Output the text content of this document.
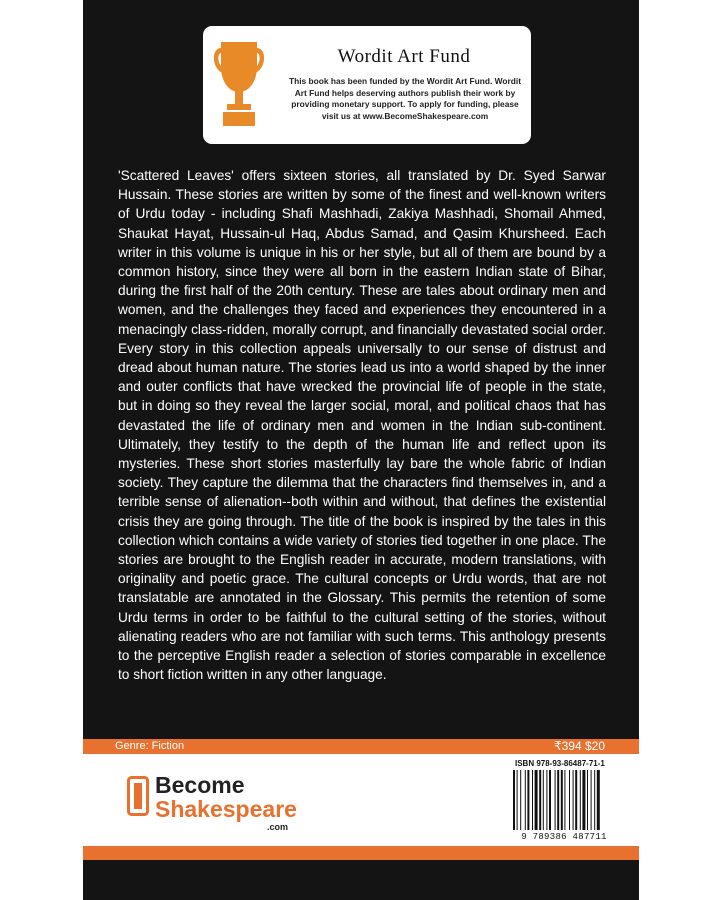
Wordit Art Fund
This book has been funded by the Wordit Art Fund. Wordit Art Fund helps deserving authors publish their work by providing monetary support. To apply for funding, please visit us at www.BecomeShakespeare.com

'Scattered Leaves' offers sixteen stories, all translated by Dr. Syed Sarwar Hussain. These stories are written by some of the finest and well-known writers of Urdu today - including Shafi Mashhadi, Zakiya Mashhadi, Shomail Ahmed, Shaukat Hayat, Hussain-ul Haq, Abdus Samad, and Qasim Khursheed. Each writer in this volume is unique in his or her style, but all of them are bound by a common history, since they were all born in the eastern Indian state of Bihar, during the first half of the 20th century. These are tales about ordinary men and women, and the challenges they faced and experiences they encountered in a menacingly class-ridden, morally corrupt, and financially devastated social order. Every story in this collection appeals universally to our sense of distrust and dread about human nature. The stories lead us into a world shaped by the inner and outer conflicts that have wrecked the provincial life of people in the state, but in doing so they reveal the larger social, moral, and political chaos that has devastated the life of ordinary men and women in the Indian sub-continent. Ultimately, they testify to the depth of the human life and reflect upon its mysteries. These short stories masterfully lay bare the whole fabric of Indian society. They capture the dilemma that the characters find themselves in, and a terrible sense of alienation--both within and without, that defines the existential crisis they are going through. The title of the book is inspired by the tales in this collection which contains a wide variety of stories tied together in one place. The stories are brought to the English reader in accurate, modern translations, with originality and poetic grace. The cultural concepts or Urdu words, that are not translatable are annotated in the Glossary. This permits the retention of some Urdu terms in order to be faithful to the cultural setting of the stories, without alienating readers who are not familiar with such terms. This anthology presents to the perceptive English reader a selection of stories comparable in excellence to short fiction written in any other language.

Genre: Fiction	₹394 $20
Become
Shakespeare
.com
ISBN 978-93-86487-71-1
9 789386 487711
